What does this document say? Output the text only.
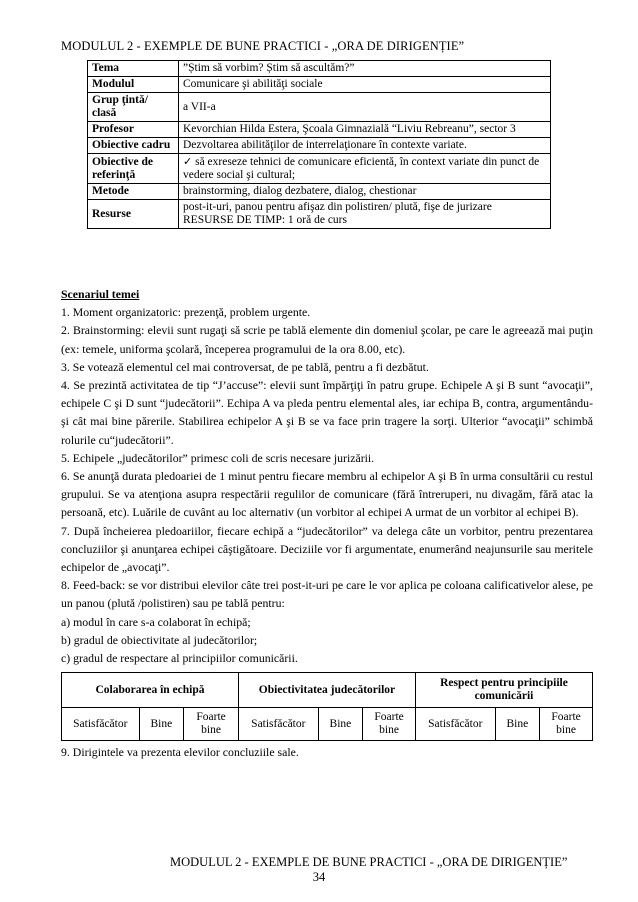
MODULUL 2 - EXEMPLE DE BUNE PRACTICI - „ORA DE DIRIGENȚIE”
Tema	”Știm să vorbim? Știm să ascultăm?”
Modulul	Comunicare şi abilităţi sociale
Grup ţintă/ clasă	a VII-a
Profesor	Kevorchian Hilda Estera, Şcoala Gimnazială “Liviu Rebreanu”, sector 3
Obiective cadru	Dezvoltarea abilităţilor de interrelaţionare în contexte variate.
Obiective de referinţă	✓ să exreseze tehnici de comunicare eficientă, în context variate din punct de vedere social şi cultural;
Metode	brainstorming, dialog dezbatere, dialog, chestionar
Resurse	post-it-uri, panou pentru afişaz din polistiren/ plută, fişe de jurizare
RESURSE DE TIMP: 1 oră de curs

Scenariul temei

1. Moment organizatoric: prezenţă, problem urgente.

2. Brainstorming: elevii sunt rugaţi să scrie pe tablă elemente din domeniul şcolar, pe care le agreează mai puţin (ex: temele, uniforma şcolară, începerea programului de la ora 8.00, etc).

3. Se votează elementul cel mai controversat, de pe tablă, pentru a fi dezbătut.

4. Se prezintă activitatea de tip “J’accuse”: elevii sunt împărţiţi în patru grupe. Echipele A şi B sunt “avocaţii”, echipele C şi D sunt “judecătorii”. Echipa A va pleda pentru elemental ales, iar echipa B, contra, argumentându-şi cât mai bine părerile. Stabilirea echipelor A şi B se va face prin tragere la sorţi. Ulterior “avocaţii” schimbă rolurile cu“judecătorii”.

5. Echipele „judecătorilor” primesc coli de scris necesare jurizării.

6. Se anunţă durata pledoariei de 1 minut pentru fiecare membru al echipelor A şi B în urma consultării cu restul grupului. Se va atenţiona asupra respectării regulilor de comunicare (fără întreruperi, nu divagăm, fără atac la persoană, etc). Luările de cuvânt au loc alternativ (un vorbitor al echipei A urmat de un vorbitor al echipei B).

7. După încheierea pledoariilor, fiecare echipă a “judecătorilor” va delega câte un vorbitor, pentru prezentarea concluziilor şi anunţarea echipei câştigătoare. Deciziile vor fi argumentate, enumerând neajunsurile sau meritele echipelor de „avocaţi”.

8. Feed-back: se vor distribui elevilor câte trei post-it-uri pe care le vor aplica pe coloana calificativelor alese, pe un panou (plută /polistiren) sau pe tablă pentru:

a) modul în care s-a colaborat în echipă;

b) gradul de obiectivitate al judecătorilor;

c) gradul de respectare al principiilor comunicării.

Colaborarea în echipă			Obiectivitatea judecătorilor			Respect pentru principiile comunicării		
Satisfăcător	Bine	Foarte bine	Satisfăcător	Bine	Foarte bine	Satisfăcător	Bine	Foarte bine
9. Dirigintele va prezenta elevilor concluziile sale.
MODULUL 2 - EXEMPLE DE BUNE PRACTICI - „ORA DE DIRIGENȚIE”
34
